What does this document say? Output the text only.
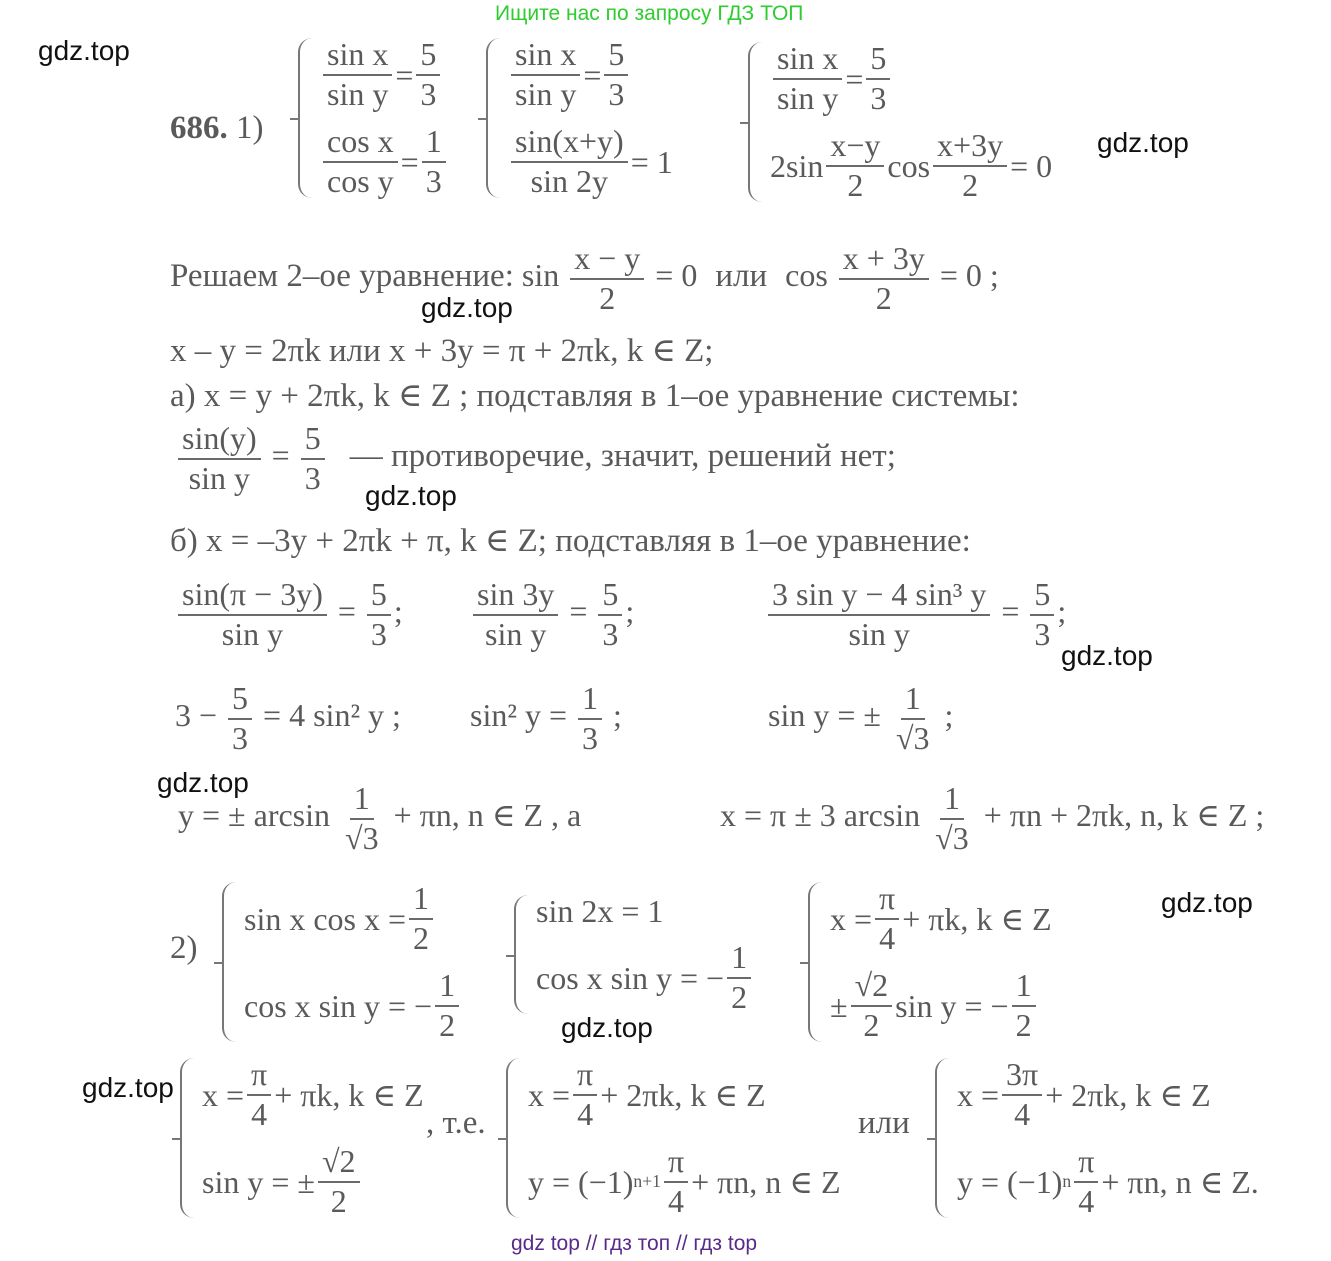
Ищите нас по запросу ГДЗ ТОП
gdz top // гдз топ // гдз top
gdz.top
gdz.top
gdz.top
gdz.top
gdz.top
gdz.top
gdz.top
gdz.top
gdz.top
686. 1)
$\frac{\text{sin x}}{\text{sin y}} = \frac{5}{3}$
$\frac{\text{cos x}}{\text{cos y}} = \frac{1}{3}$
$\frac{\text{sin x}}{\text{sin y}} = \frac{5}{3}$
$\frac{\sin(x+y)}{\sin 2y} = 1$
$\frac{\text{sin x}}{\text{sin y}} = \frac{5}{3}$
$2\sin \frac{x-y}{2}$ $\cos \frac{x+3y}{2} = 0$
Решаем 2–ое уравнение: $\sin \frac{x - y}{2} = 0$ или $\cos \frac{x + 3y}{2} = 0$ ;
x – y = 2πk или x + 3y = π + 2πk, k ∈ Z;
а) x = y + 2πk, k ∈ Z ; подставляя в 1–ое уравнение системы:
$\frac{\sin(y)}{\text{sin y}} = \frac{5}{3}$ — противоречие, значит, решений нет;
б) x = –3y + 2πk + π, k ∈ Z; подставляя в 1–ое уравнение:
$\frac{\sin(\pi - 3y)}{\text{sin y}} = \frac{5}{3}$ ; $\frac{\sin 3y}{\text{sin y}} = \frac{5}{3}$ ;	$\frac{\text{3 sin y − 4 sin³ y}}{\text{sin y}} = \frac{5}{3}$ ;
$3 - \frac{5}{3} = 4$ sin² y ; sin² $y = \frac{1}{3}$ ;	sin y = ± $\frac{1}{√3}$ ;
y = ± $\arcsin \frac{1}{√3} + \pi n$, n ∈ Z , а	x = π ± 3 $\arcsin \frac{1}{√3} + \pi n + 2\pi k$, n, k ∈ Z ;
2)
sin x $\cos x = \frac{1}{2}$
cos x sin y = − $\frac{1}{2}$
sin 2x = 1
cos x sin y = − $\frac{1}{2}$
$x = \frac{\pi}{4} + \pi k$, k ∈ Z
± $\frac{√2}{2}$ sin y = − $\frac{1}{2}$
$x = \frac{\pi}{4} + \pi k$, k ∈ Z
sin y = ± $\frac{√2}{2}$
, т.е.
$x = \frac{\pi}{4} + 2\pi k$, k ∈ Z
y = (−1) $n+1 \frac{\pi}{4} + \pi n$, n ∈ Z
или
$x = \frac{3\pi}{4} + 2\pi k$, k ∈ Z
y = (−1) n $\frac{\pi}{4} + \pi n$, n ∈ Z.
